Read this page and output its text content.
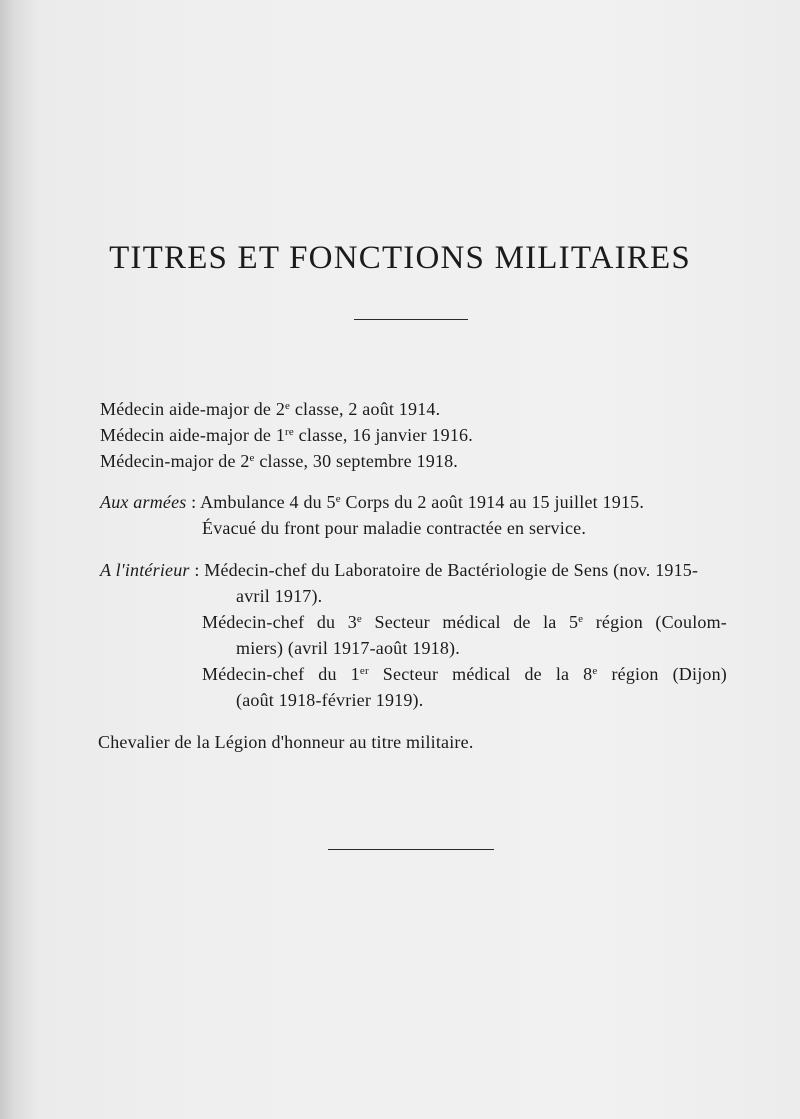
TITRES ET FONCTIONS MILITAIRES
Médecin aide-major de 2e classe, 2 août 1914.
Médecin aide-major de 1re classe, 16 janvier 1916.
Médecin-major de 2e classe, 30 septembre 1918.
Aux armées : Ambulance 4 du 5e Corps du 2 août 1914 au 15 juillet 1915.
Évacué du front pour maladie contractée en service.
A l'intérieur : Médecin-chef du Laboratoire de Bactériologie de Sens (nov. 1915-
avril 1917).
Médecin-chef du 3e Secteur médical de la 5e région (Coulom-
miers) (avril 1917-août 1918).
Médecin-chef du 1er Secteur médical de la 8e région (Dijon)
(août 1918-février 1919).
Chevalier de la Légion d'honneur au titre militaire.
